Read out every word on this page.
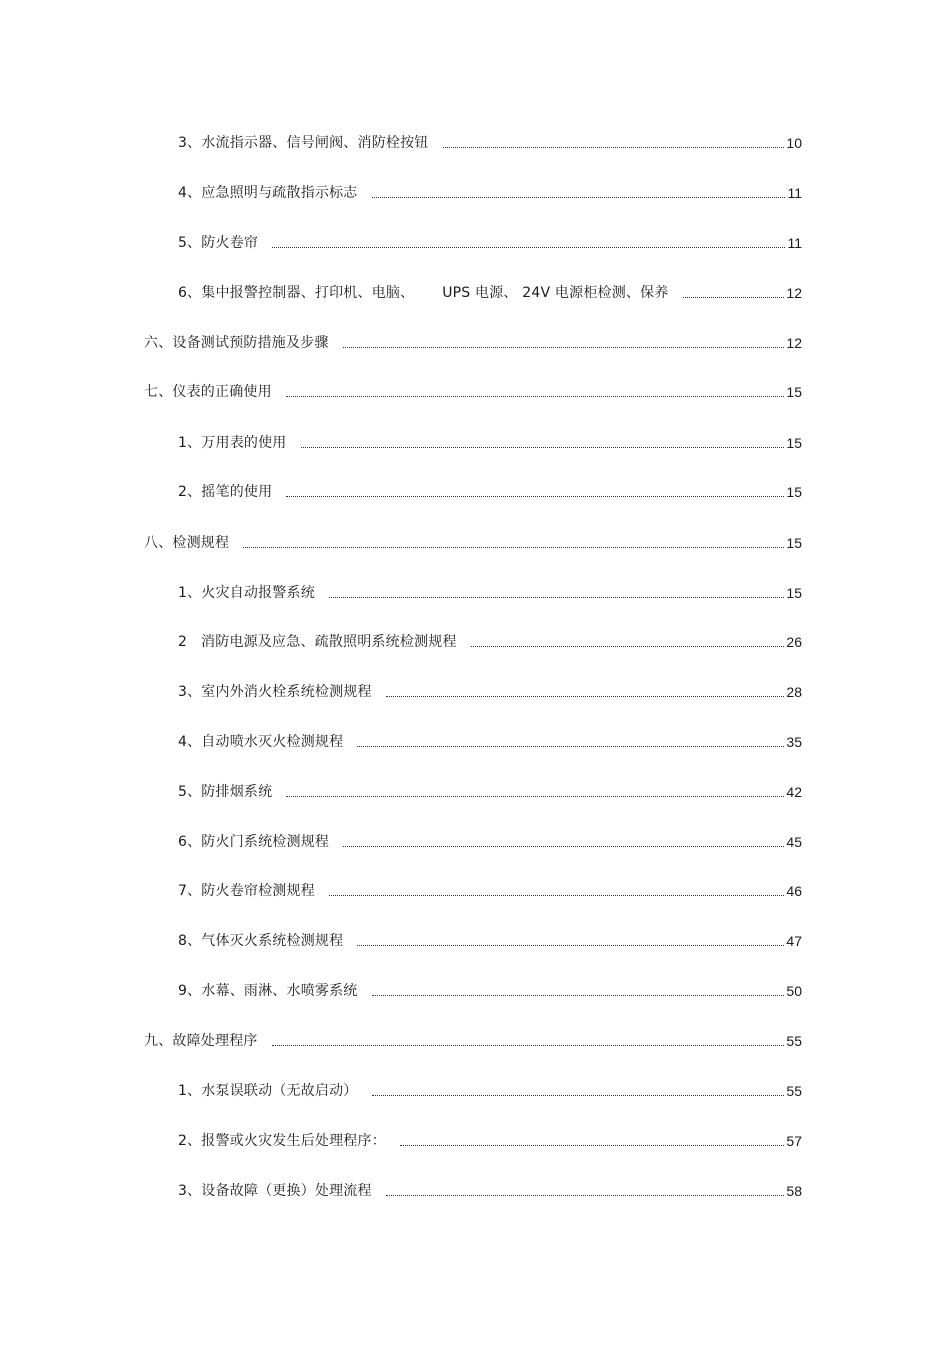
3、水流指示器、信号闸阀、消防栓按钮	10
4、应急照明与疏散指示标志	11
5、防火卷帘	11
6、集中报警控制器、打印机、电脑、      UPS 电源、 24V 电源柜检测、保养	12
六、设备测试预防措施及步骤	12
七、仪表的正确使用	15
1、万用表的使用	15
2、摇笔的使用	15
八、检测规程	15
1、火灾自动报警系统	15
2   消防电源及应急、疏散照明系统检测规程	26
3、室内外消火栓系统检测规程	28
4、自动喷水灭火检测规程	35
5、防排烟系统	42
6、防火门系统检测规程	45
7、防火卷帘检测规程	46
8、气体灭火系统检测规程	47
9、水幕、雨淋、水喷雾系统	50
九、故障处理程序	55
1、水泵误联动（无故启动）	55
2、报警或火灾发生后处理程序：	57
3、设备故障（更换）处理流程	58
